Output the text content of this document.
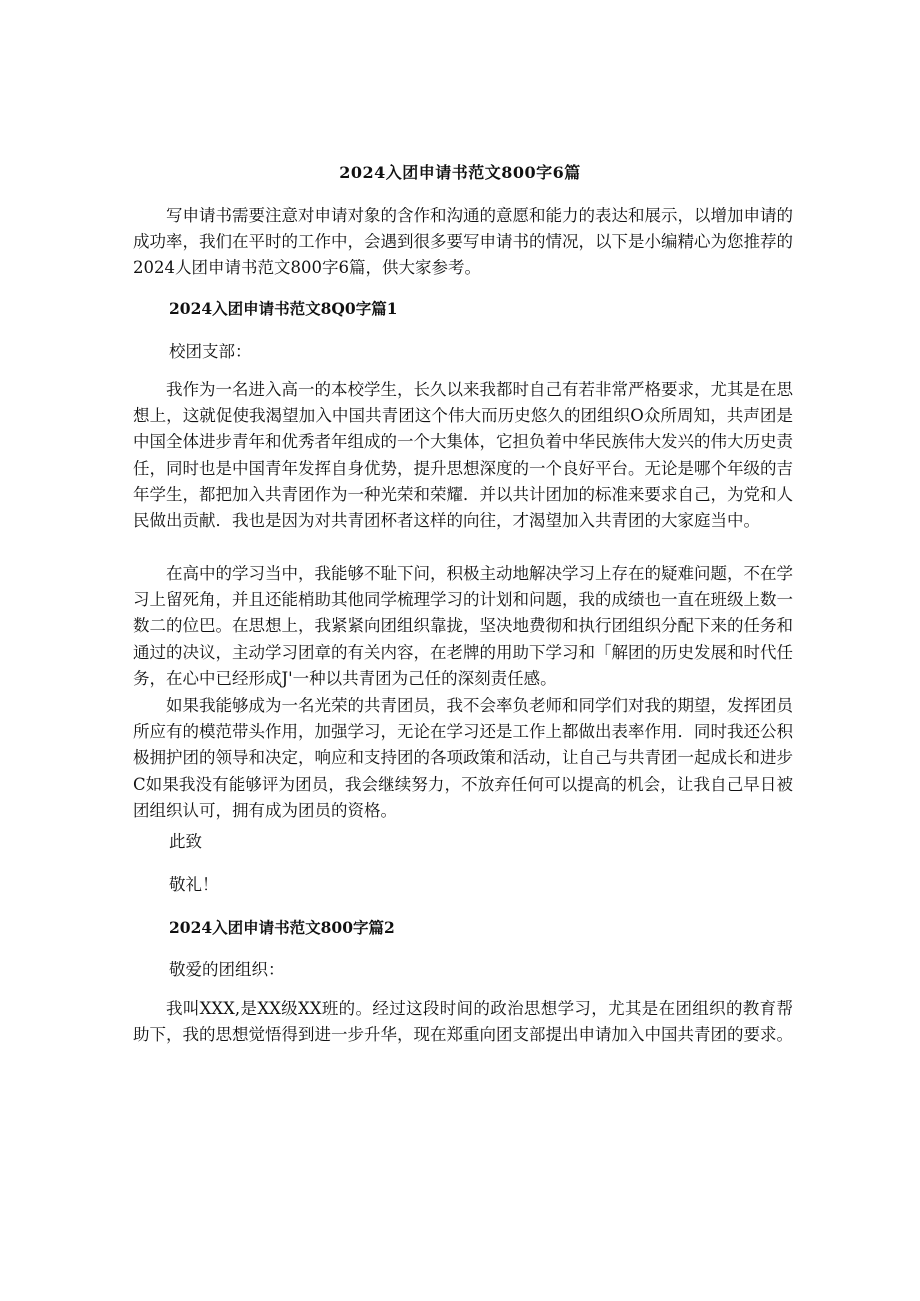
2024入团申请书范文800字6篇
写申请书需要注意对申请对象的含作和沟通的意愿和能力的表达和展示，以增加申请的成功率，我们在平时的工作中，会遇到很多要写申请书的情况，以下是小编精心为您推荐的2024人团申请书范文800字6篇，供大家参考。
2024入团申请书范文8Q0字篇1
校团支部：
我作为一名进入高一的本校学生，长久以来我都时自己有若非常严格要求，尤其是在思想上，这就促使我渴望加入中国共青团这个伟大而历史悠久的团组织O众所周知，共声团是中国全体进步青年和优秀者年组成的一个大集体，它担负着中华民族伟大发兴的伟大历史责任，同时也是中国青年发挥自身优势，提升思想深度的一个良好平台。无论是哪个年级的吉年学生，都把加入共青团作为一种光荣和荣耀．并以共计团加的标准来要求自己，为党和人民做出贡献．我也是因为对共青团杯者这样的向往，才渴望加入共青团的大家庭当中。
在高中的学习当中，我能够不耻下问，积极主动地解决学习上存在的疑难问题，不在学习上留死角，并且还能梢助其他同学梳理学习的计划和问题，我的成绩也一直在班级上数一数二的位巴。在思想上，我紧紧向团组织靠拢，坚决地费彻和执行团组织分配下来的任务和通过的决议，主动学习团章的有关内容，在老牌的用助下学习和「解团的历史发展和时代任务，在心中已经形成J'一种以共青团为己任的深刻责任感。
如果我能够成为一名光荣的共青团员，我不会率负老师和同学们对我的期望，发挥团员所应有的模范带头作用，加强学习，无论在学习还是工作上都做出表率作用．同时我还公积极拥护团的领导和决定，响应和支持团的各项政策和活动，让自己与共青团一起成长和进步C如果我没有能够评为团员，我会继续努力，不放弃任何可以提高的机会，让我自己早日被团组织认可，拥有成为团员的资格。
此致
敬礼！
2024入团申请书范文800字篇2
敬爱的团组织：
我叫XXX,是XX级XX班的。经过这段时间的政治思想学习，尤其是在团组织的教育帮助下，我的思想觉悟得到进一步升华，现在郑重向团支部提出申请加入中国共青团的要求。
